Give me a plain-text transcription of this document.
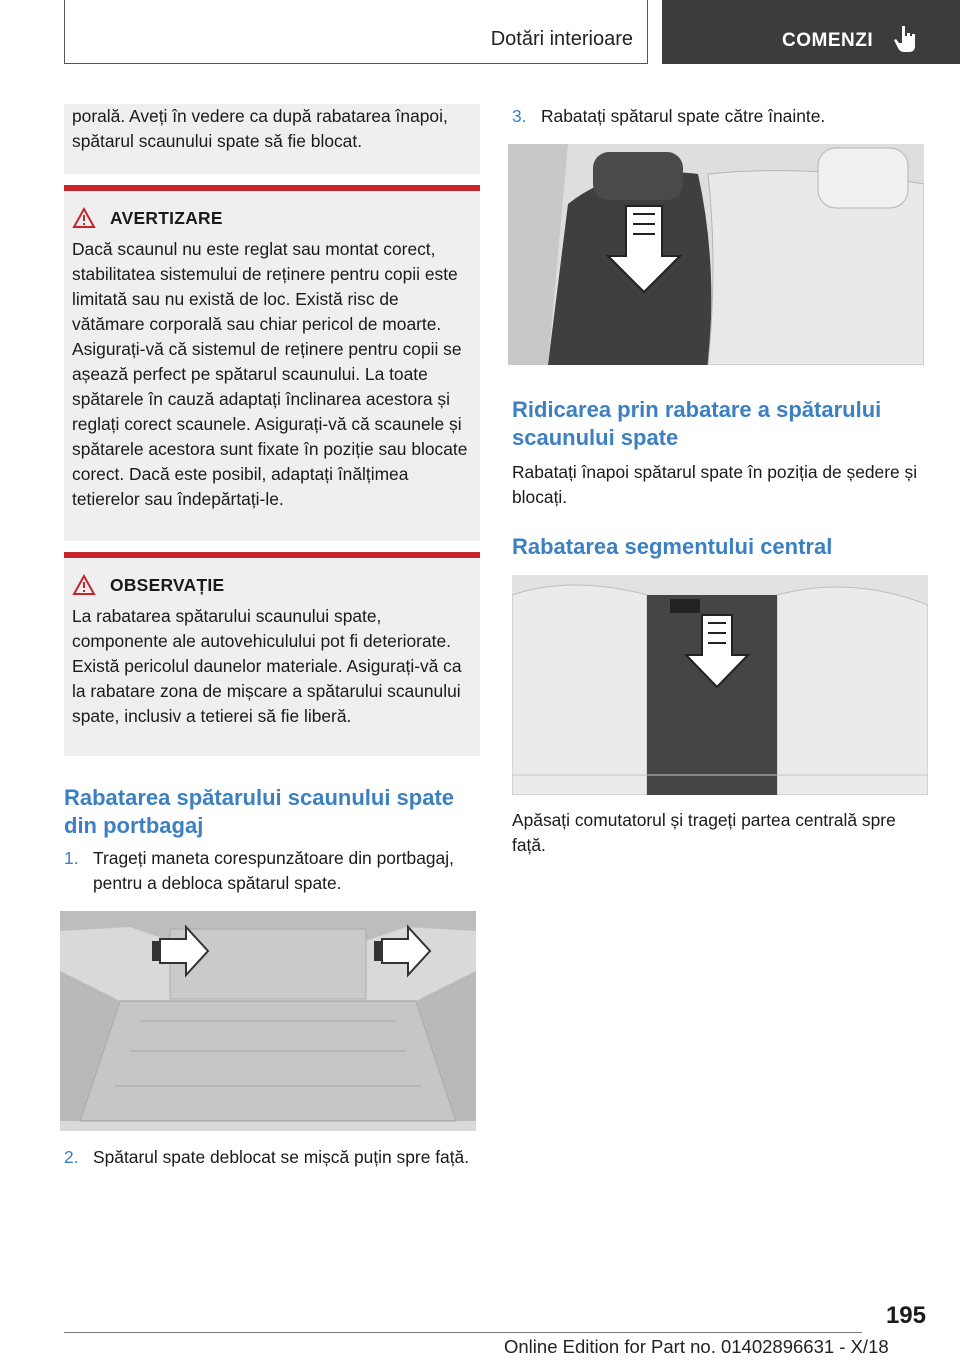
Dotări interioare	COMENZI

porală. Aveți în vedere ca după rabatarea înapoi, spătarul scaunului spate să fie blocat.

AVERTIZARE

Dacă scaunul nu este reglat sau montat corect, stabilitatea sistemului de reținere pentru copii este limitată sau nu există de loc. Există risc de vătămare corporală sau chiar pericol de moarte. Asigurați-vă că sistemul de reținere pentru copii se așează perfect pe spătarul scaunului. La toate spătarele în cauză adaptați înclinarea acestora și reglați corect scaunele. Asigurați-vă că scaunele și spătarele acestora sunt fixate în poziție sau blocate corect. Dacă este posibil, adaptați înălțimea tetierelor sau îndepărtați-le.

OBSERVAȚIE

La rabatarea spătarului scaunului spate, componente ale autovehiculului pot fi deteriorate. Există pericolul daunelor materiale. Asigurați-vă ca la rabatare zona de mișcare a spătarului scaunului spate, inclusiv a tetierei să fie liberă.

Rabatarea spătarului scaunului spate din portbagaj
1. Trageți maneta corespunzătoare din portbagaj, pentru a debloca spătarul spate.
2. Spătarul spate deblocat se mișcă puțin spre față.
3. Rabatați spătarul spate către înainte.
Ridicarea prin rabatare a spătarului scaunului spate

Rabatați înapoi spătarul spate în poziția de ședere și blocați.

Rabatarea segmentului central

Apăsați comutatorul și trageți partea centrală spre față.

195
Online Edition for Part no. 01402896631 - X/18
